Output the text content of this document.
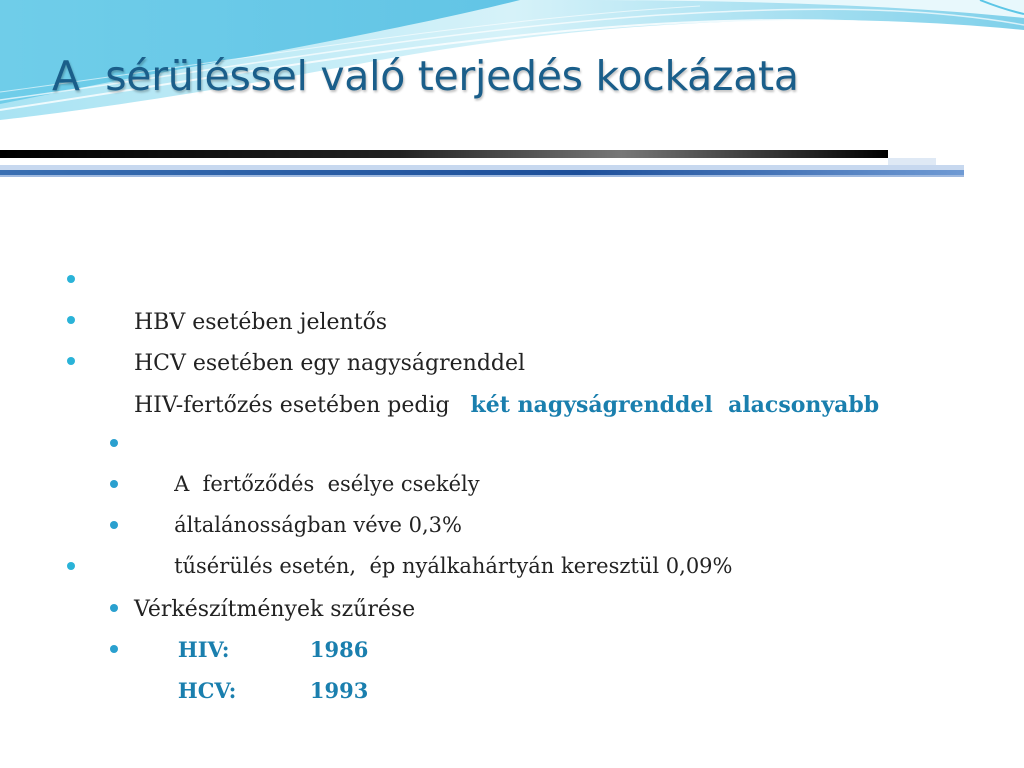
A  sérüléssel való terjedés kockázata

HBV esetében jelentős

HCV esetében egy nagyságrenddel

HIV-fertőzés esetében pedig   két nagyságrenddel  alacsonyabb

A  fertőződés  esélye csekély

általánosságban véve 0,3%

tűsérülés esetén,  ép nyálkahártyán keresztül 0,09%

Vérkészítmények szűrése

HIV:	1986

HCV:	1993
